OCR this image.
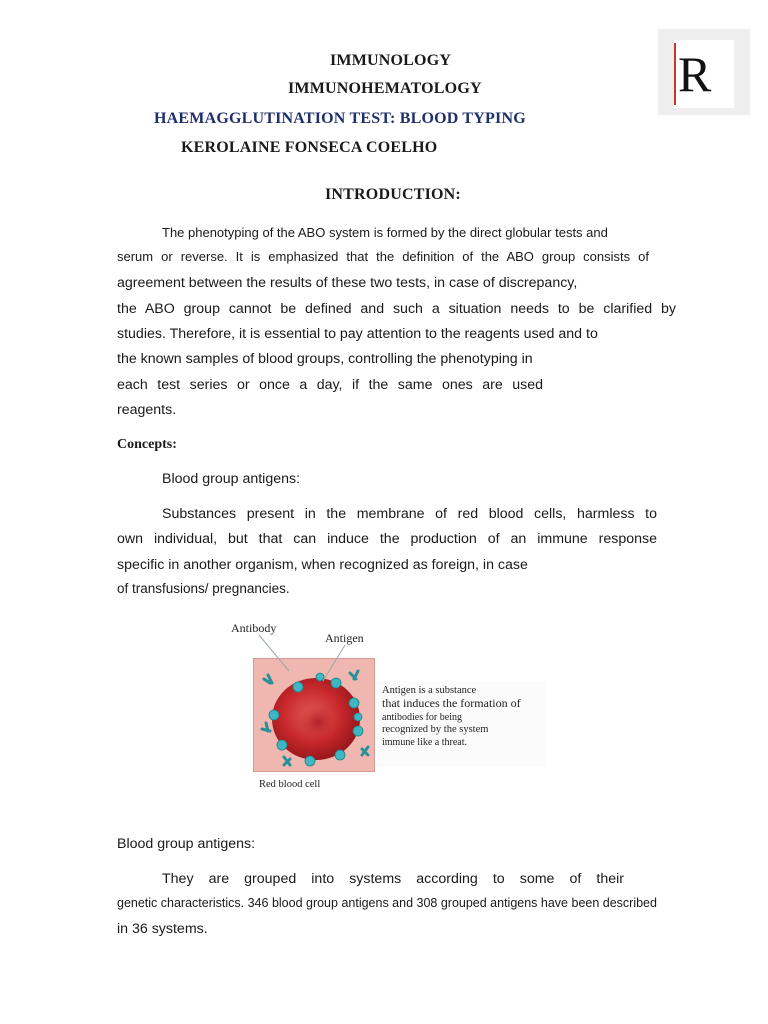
IMMUNOLOGY
IMMUNOHEMATOLOGY
HAEMAGGLUTINATION TEST: BLOOD TYPING
KEROLAINE FONSECA COELHO
R
INTRODUCTION:
The phenotyping of the ABO system is formed by the direct globular tests and
serum or reverse. It is emphasized that the definition of the ABO group consists of
agreement between the results of these two tests, in case of discrepancy,
the ABO group cannot be defined and such a situation needs to be clarified by
studies. Therefore, it is essential to pay attention to the reagents used and to
the known samples of blood groups, controlling the phenotyping in
each test series or once a day, if the same ones are used
reagents.
Concepts:
Blood group antigens:
Substances present in the membrane of red blood cells, harmless to
own individual, but that can induce the production of an immune response
specific in another organism, when recognized as foreign, in case
of transfusions/ pregnancies.
Antibody
Antigen
Antigen is a substance
that induces the formation of
antibodies for being
recognized by the system
immune like a threat.
Red blood cell
Blood group antigens:
They are grouped into systems according to some of their
genetic characteristics. 346 blood group antigens and 308 grouped antigens have been described
in 36 systems.
